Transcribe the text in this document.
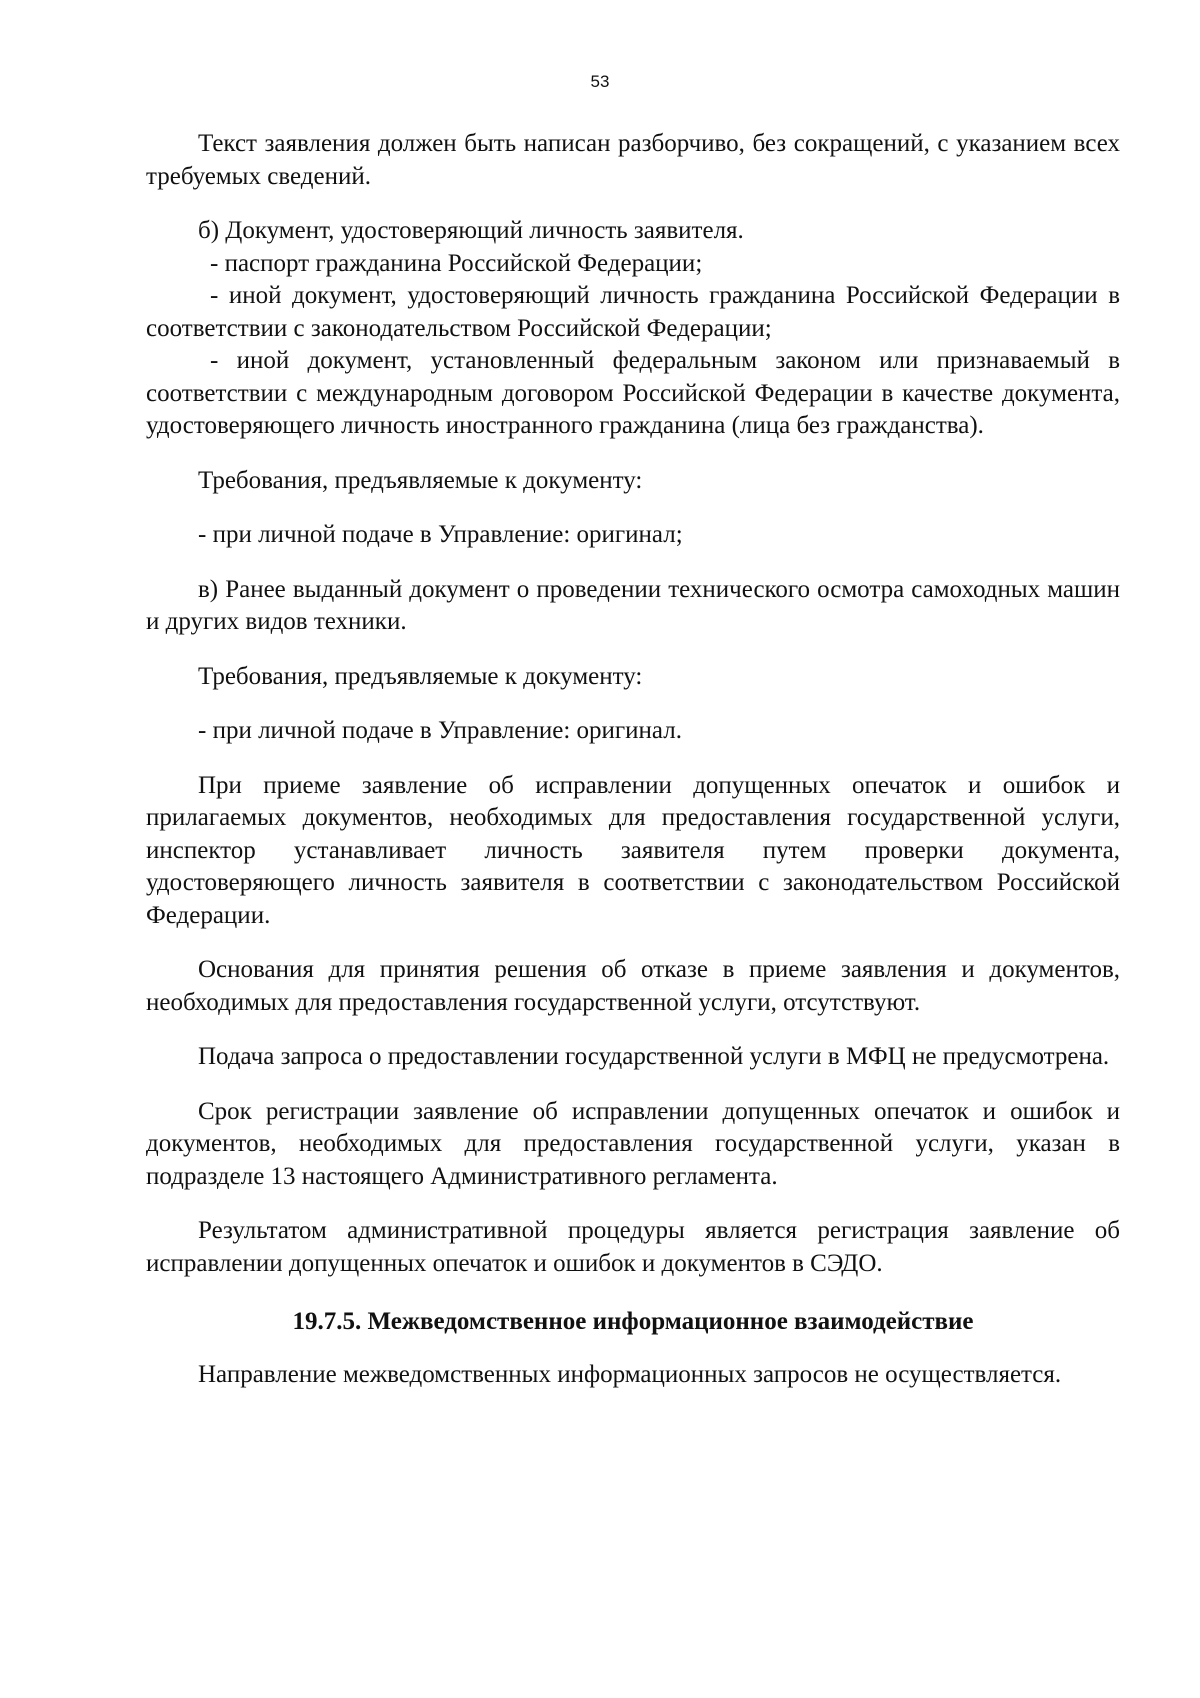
53

Текст заявления должен быть написан разборчиво, без сокращений, с указанием всех требуемых сведений.

б) Документ, удостоверяющий личность заявителя.

- паспорт гражданина Российской Федерации;

- иной документ, удостоверяющий личность гражданина Российской Федерации в соответствии с законодательством Российской Федерации;

- иной документ, установленный федеральным законом или признаваемый в соответствии с международным договором Российской Федерации в качестве документа, удостоверяющего личность иностранного гражданина (лица без гражданства).

Требования, предъявляемые к документу:

- при личной подаче в Управление: оригинал;

в) Ранее выданный документ о проведении технического осмотра самоходных машин и других видов техники.

Требования, предъявляемые к документу:

- при личной подаче в Управление: оригинал.

При приеме заявление об исправлении допущенных опечаток и ошибок и прилагаемых документов, необходимых для предоставления государственной услуги, инспектор устанавливает личность заявителя путем проверки документа, удостоверяющего личность заявителя в соответствии с законодательством Российской Федерации.

Основания для принятия решения об отказе в приеме заявления и документов, необходимых для предоставления государственной услуги, отсутствуют.

Подача запроса о предоставлении государственной услуги в МФЦ не предусмотрена.

Срок регистрации заявление об исправлении допущенных опечаток и ошибок и документов, необходимых для предоставления государственной услуги, указан в подразделе 13 настоящего Административного регламента.

Результатом административной процедуры является регистрация заявление об исправлении допущенных опечаток и ошибок и документов в СЭДО.

19.7.5. Межведомственное информационное взаимодействие

Направление межведомственных информационных запросов не осуществляется.
